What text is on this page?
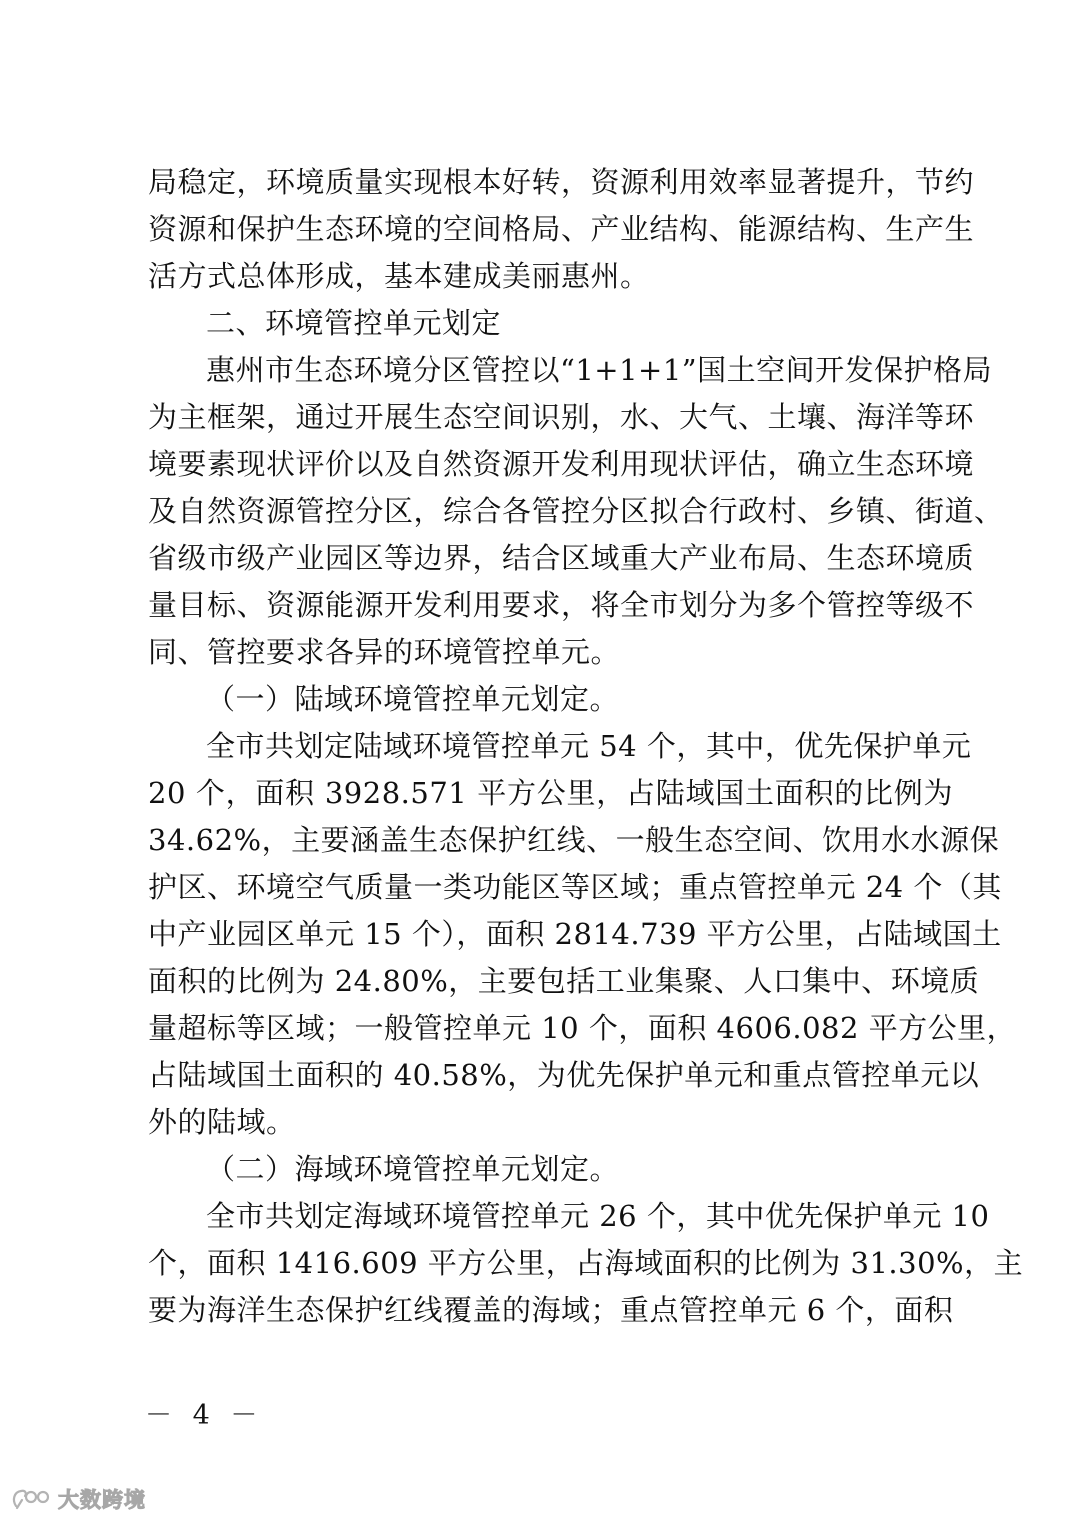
局稳定，环境质量实现根本好转，资源利用效率显著提升，节约
资源和保护生态环境的空间格局、产业结构、能源结构、生产生
活方式总体形成，基本建成美丽惠州。
二、环境管控单元划定
惠州市生态环境分区管控以“1+1+1”国土空间开发保护格局
为主框架，通过开展生态空间识别，水、大气、土壤、海洋等环
境要素现状评价以及自然资源开发利用现状评估，确立生态环境
及自然资源管控分区，综合各管控分区拟合行政村、乡镇、街道、
省级市级产业园区等边界，结合区域重大产业布局、生态环境质
量目标、资源能源开发利用要求，将全市划分为多个管控等级不
同、管控要求各异的环境管控单元。
（一）陆域环境管控单元划定。
全市共划定陆域环境管控单元 54 个，其中，优先保护单元
20 个，面积 3928.571 平方公里，占陆域国土面积的比例为
34.62%，主要涵盖生态保护红线、一般生态空间、饮用水水源保
护区、环境空气质量一类功能区等区域；重点管控单元 24 个（其
中产业园区单元 15 个），面积 2814.739 平方公里，占陆域国土
面积的比例为 24.80%，主要包括工业集聚、人口集中、环境质
量超标等区域；一般管控单元 10 个，面积 4606.082 平方公里，
占陆域国土面积的 40.58%，为优先保护单元和重点管控单元以
外的陆域。
（二）海域环境管控单元划定。
全市共划定海域环境管控单元 26 个，其中优先保护单元 10
个，面积 1416.609 平方公里，占海域面积的比例为 31.30%，主
要为海洋生态保护红线覆盖的海域；重点管控单元 6 个，面积
－ 4 －
大数跨境
